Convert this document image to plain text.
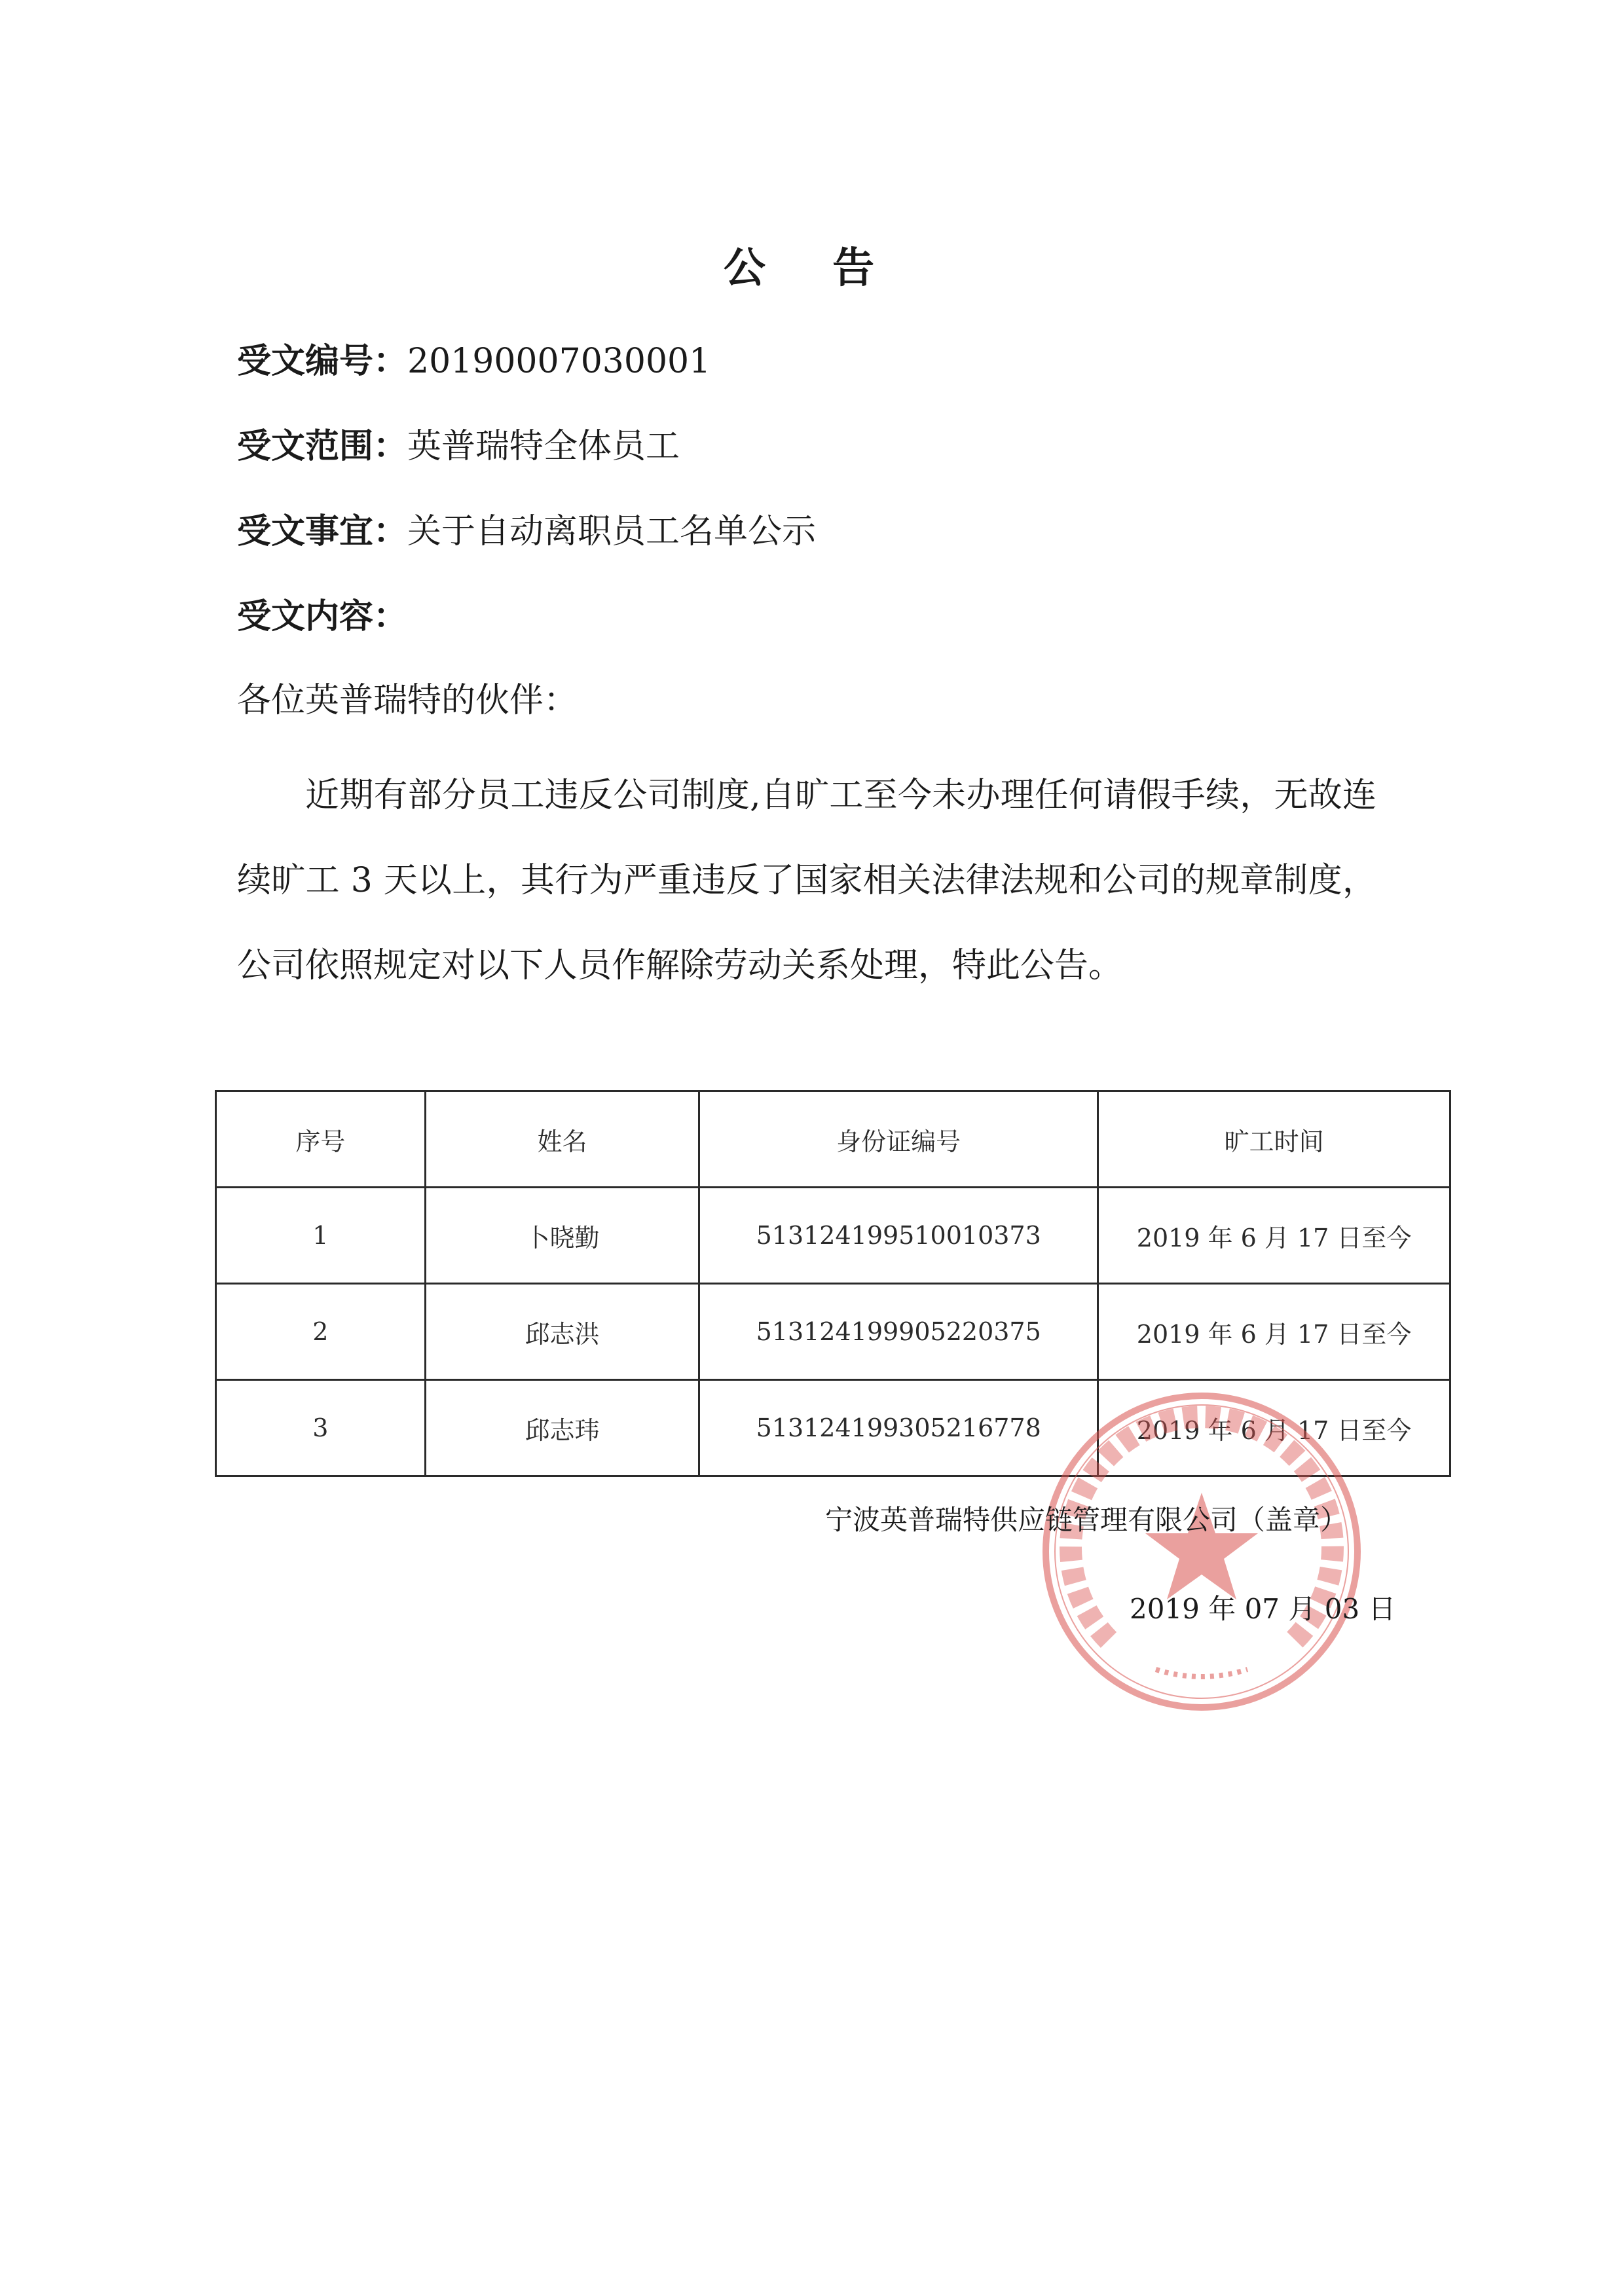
公 告
受文编号：20190007030001
受文范围：英普瑞特全体员工
受文事宜：关于自动离职员工名单公示
受文内容：
各位英普瑞特的伙伴：
近期有部分员工违反公司制度,自旷工至今未办理任何请假手续，无故连续旷工 3 天以上，其行为严重违反了国家相关法律法规和公司的规章制度，公司依照规定对以下人员作解除劳动关系处理，特此公告。
序号	姓名	身份证编号	旷工时间
1	卜晓勤	513124199510010373	2019 年 6 月 17 日至今
2	邱志洪	513124199905220375	2019 年 6 月 17 日至今
3	邱志玮	513124199305216778	2019 年 6 月 17 日至今
宁波英普瑞特供应链管理有限公司（盖章）
2019 年 07 月 03 日
